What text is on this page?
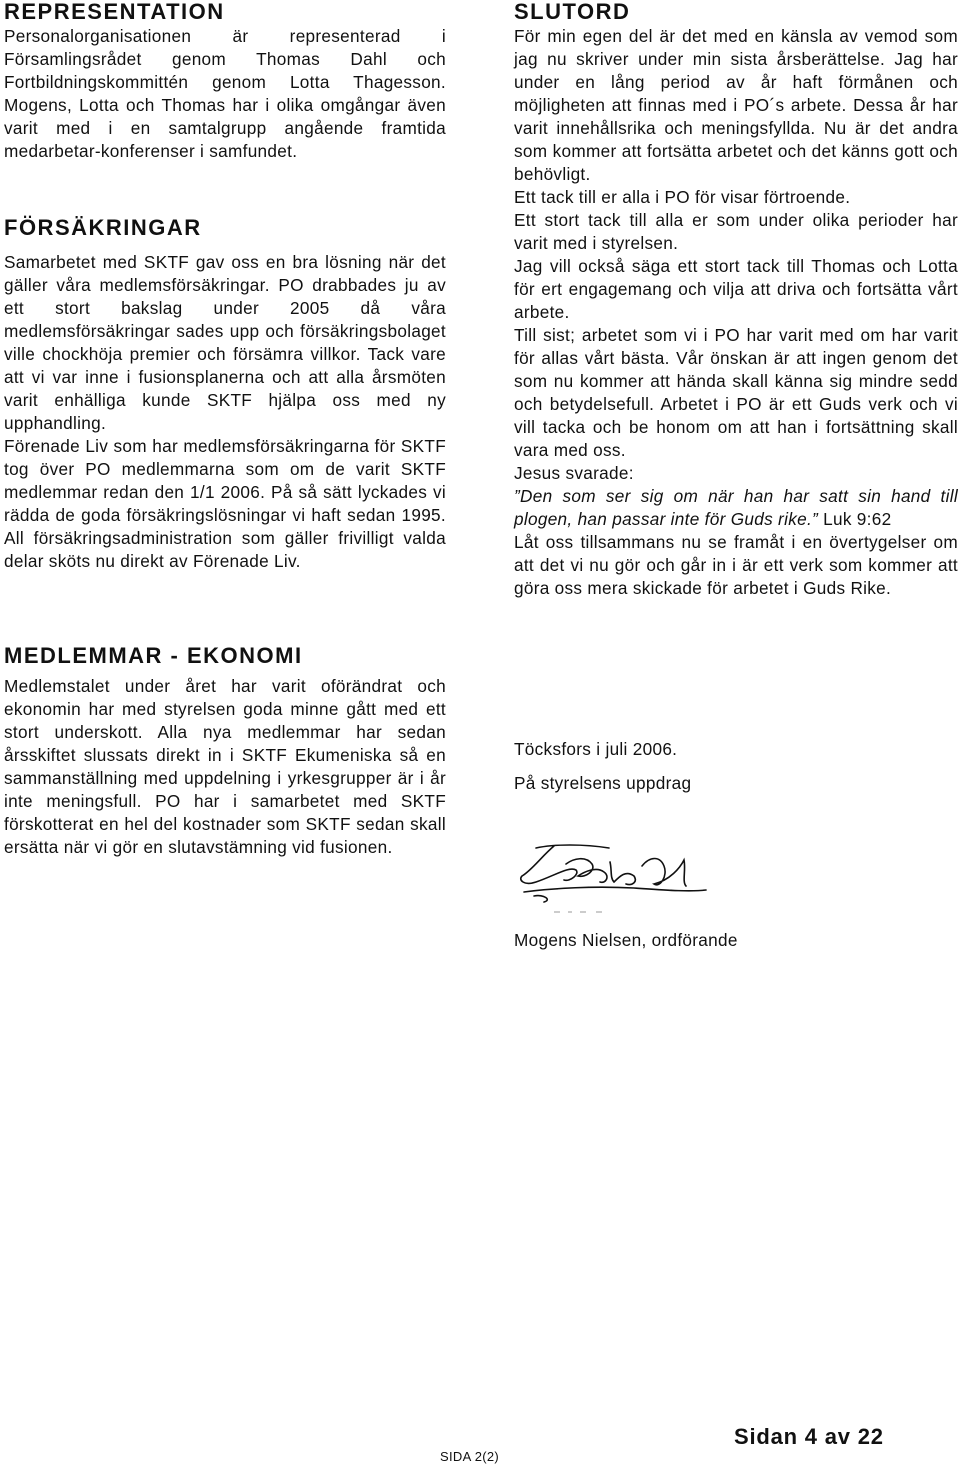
REPRESENTATION

Personalorganisationen är representerad i Församlingsrådet genom Thomas Dahl och Fortbildningskommittén genom Lotta Thagesson. Mogens, Lotta och Thomas har i olika omgångar även varit med i en samtalgrupp angående framtida medarbetar-konferenser i samfundet.

FÖRSÄKRINGAR

Samarbetet med SKTF gav oss en bra lösning när det gäller våra medlemsförsäkringar. PO drabbades ju av ett stort bakslag under 2005 då våra medlemsförsäkringar sades upp och försäkringsbolaget ville chockhöja premier och försämra villkor. Tack vare att vi var inne i fusionsplanerna och att alla årsmöten varit enhälliga kunde SKTF hjälpa oss med ny upphandling.

Förenade Liv som har medlemsförsäkringarna för SKTF tog över PO medlemmarna som om de varit SKTF medlemmar redan den 1/1 2006. På så sätt lyckades vi rädda de goda försäkringslösningar vi haft sedan 1995. All försäkringsadministration som gäller frivilligt valda delar sköts nu direkt av Förenade Liv.

MEDLEMMAR - EKONOMI

Medlemstalet under året har varit oförändrat och ekonomin har med styrelsen goda minne gått med ett stort underskott. Alla nya medlemmar har sedan årsskiftet slussats direkt in i SKTF Ekumeniska så en sammanställning med uppdelning i yrkesgrupper är i år inte meningsfull. PO har i samarbetet med SKTF förskotterat en hel del kostnader som SKTF sedan skall ersätta när vi gör en slutavstämning vid fusionen.

SLUTORD

För min egen del är det med en känsla av vemod som jag nu skriver under min sista årsberättelse. Jag har under en lång period av år haft förmånen och möjligheten att finnas med i PO´s arbete. Dessa år har varit innehållsrika och meningsfyllda. Nu är det andra som kommer att fortsätta arbetet och det känns gott och behövligt.

Ett tack till er alla i PO för visar förtroende.

Ett stort tack till alla er som under olika perioder har varit med i styrelsen.

Jag vill också säga ett stort tack till Thomas och Lotta för ert engagemang och vilja att driva och fortsätta vårt arbete.

Till sist; arbetet som vi i PO har varit med om har varit för allas vårt bästa. Vår önskan är att ingen genom det som nu kommer att hända skall känna sig mindre sedd och betydelsefull. Arbetet i PO är ett Guds verk och vi vill tacka och be honom om att han i fortsättning skall vara med oss.

Jesus svarade:

”Den som ser sig om när han har satt sin hand till plogen, han passar inte för Guds rike.” Luk 9:62

Låt oss tillsammans nu se framåt i en övertygelser om att det vi nu gör och går in i är ett verk som kommer att göra oss mera skickade för arbetet i Guds Rike.

Töcksfors i juli 2006.
På styrelsens uppdrag
Mogens Nielsen, ordförande
SIDA 2(2)
Sidan 4 av 22
